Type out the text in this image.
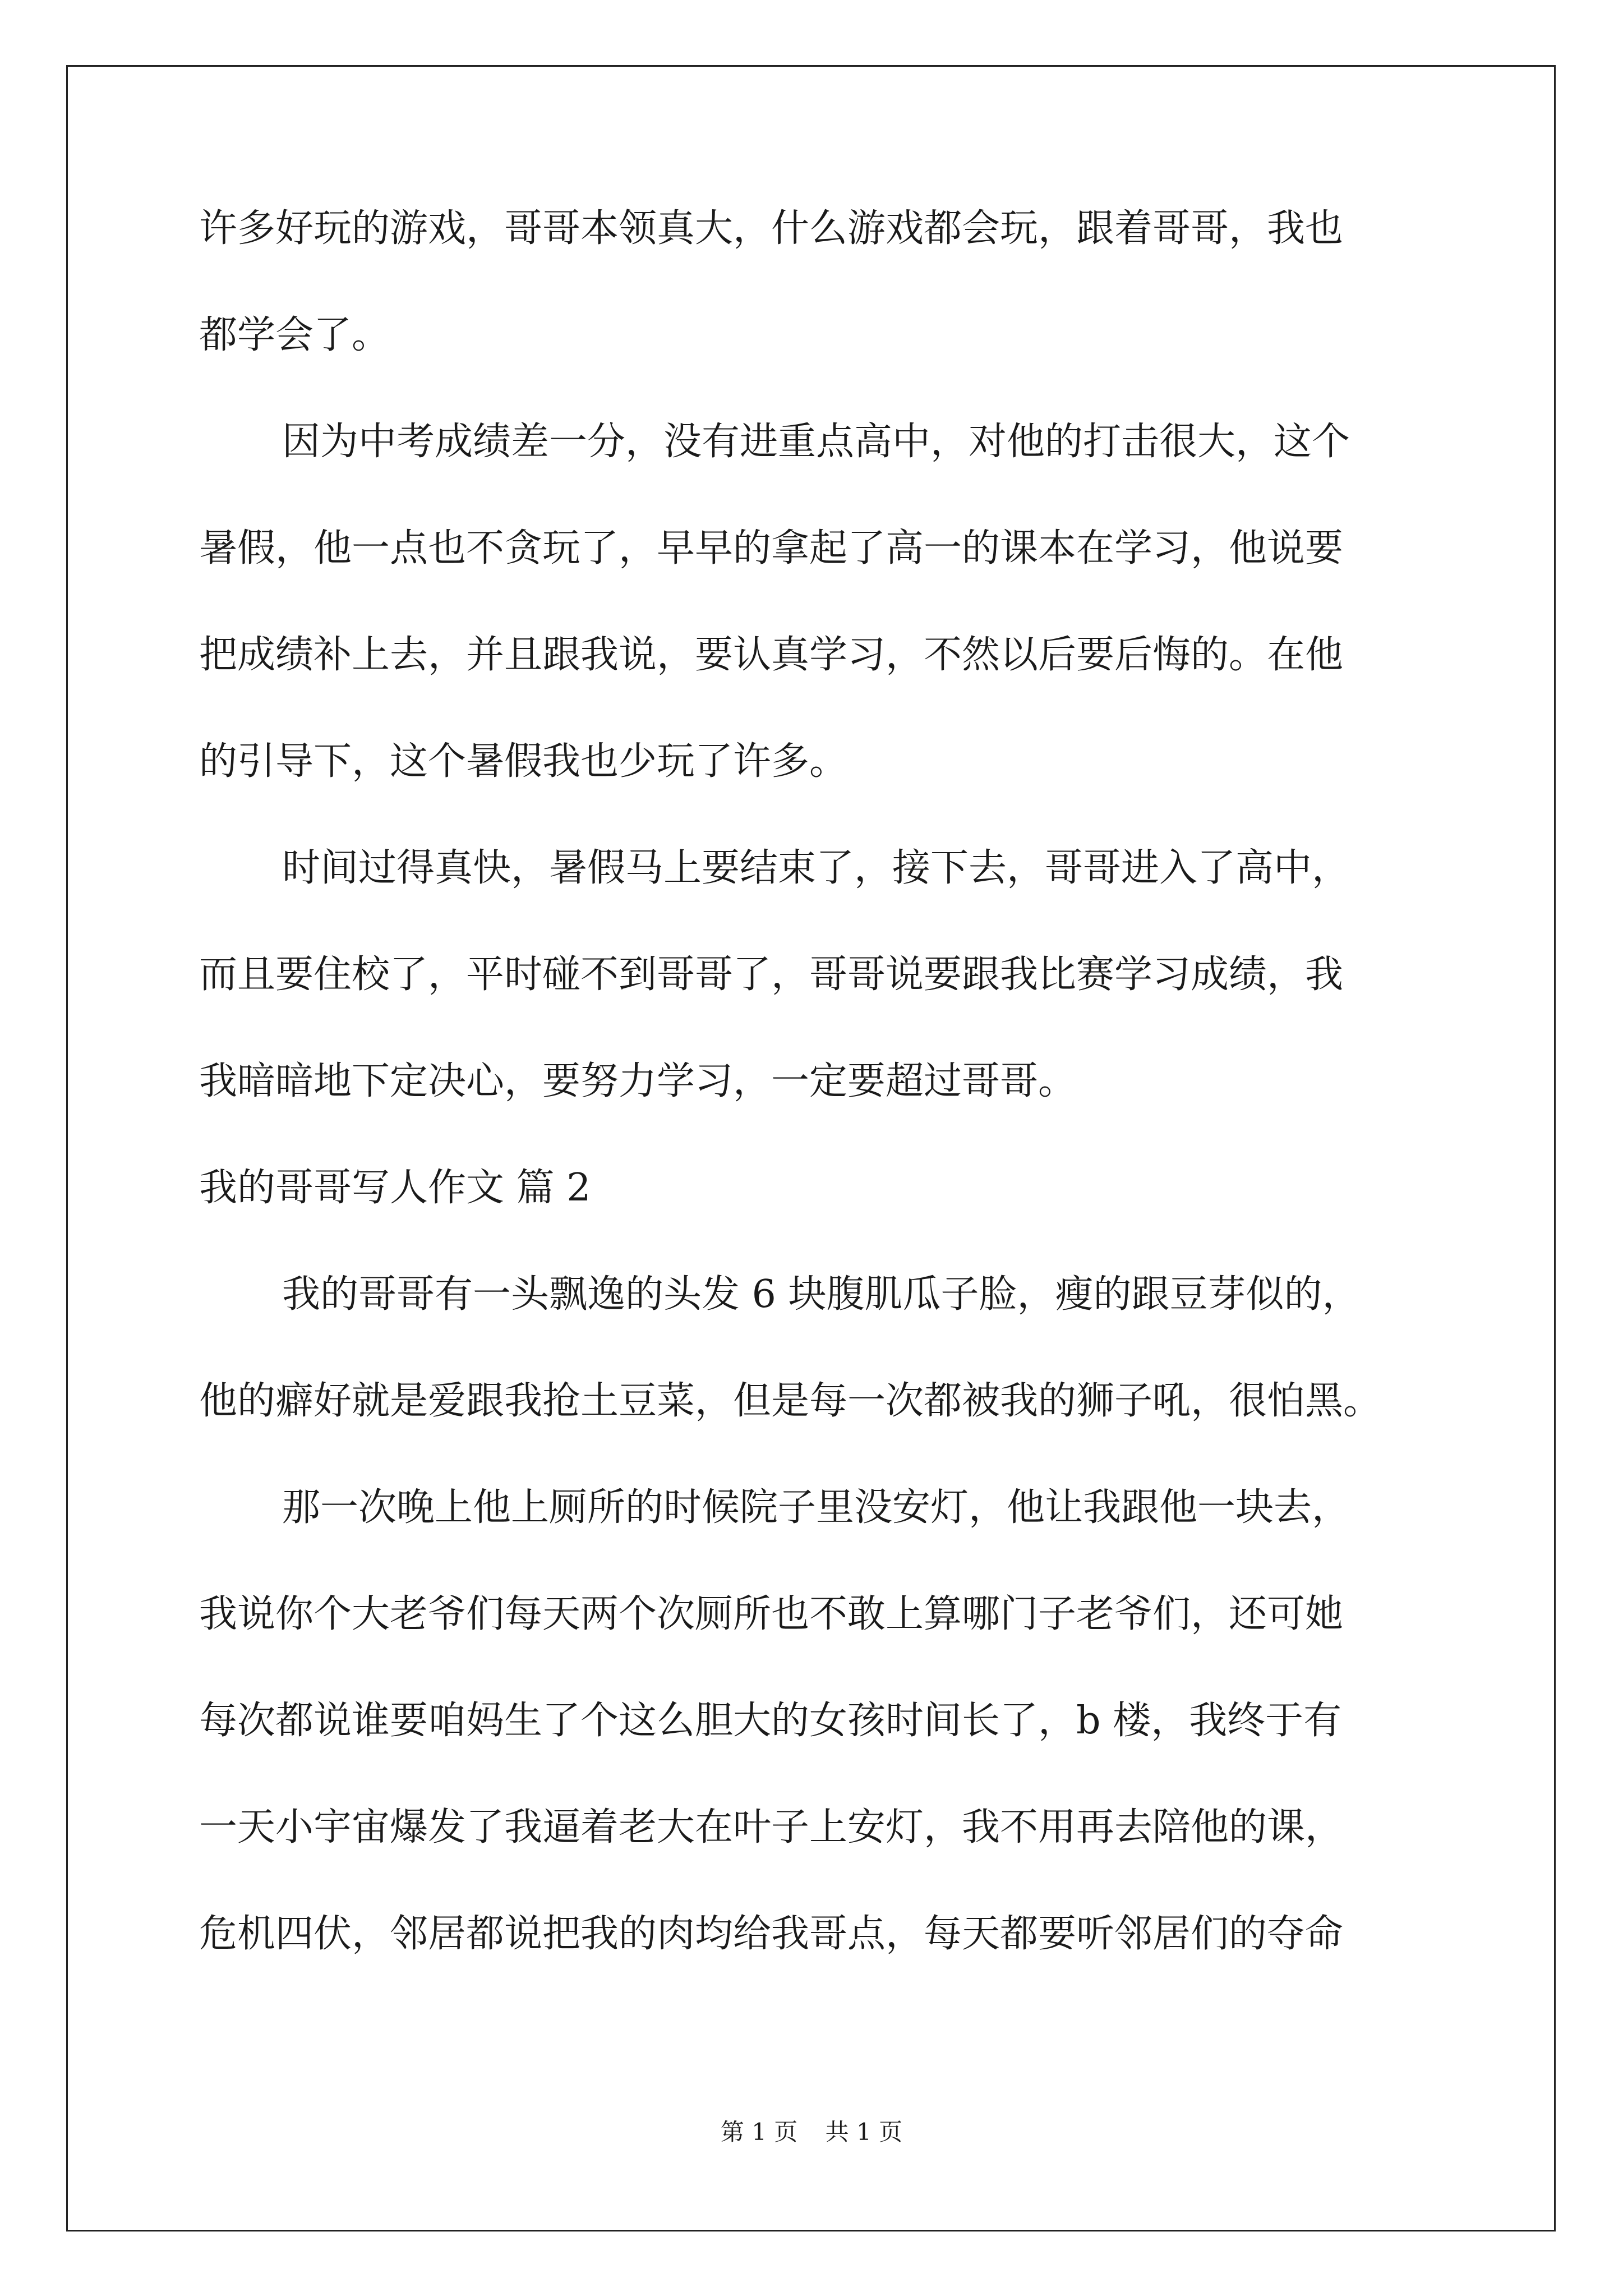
许多好玩的游戏，哥哥本领真大，什么游戏都会玩，跟着哥哥，我也
都学会了。
因为中考成绩差一分，没有进重点高中，对他的打击很大，这个
暑假，他一点也不贪玩了，早早的拿起了高一的课本在学习，他说要
把成绩补上去，并且跟我说，要认真学习，不然以后要后悔的。在他
的引导下，这个暑假我也少玩了许多。
时间过得真快，暑假马上要结束了，接下去，哥哥进入了高中，
而且要住校了，平时碰不到哥哥了，哥哥说要跟我比赛学习成绩，我
我暗暗地下定决心，要努力学习，一定要超过哥哥。
我的哥哥写人作文 篇 2
我的哥哥有一头飘逸的头发 6 块腹肌瓜子脸，瘦的跟豆芽似的，
他的癖好就是爱跟我抢土豆菜，但是每一次都被我的狮子吼，很怕黑。
那一次晚上他上厕所的时候院子里没安灯，他让我跟他一块去，
我说你个大老爷们每天两个次厕所也不敢上算哪门子老爷们，还可她
每次都说谁要咱妈生了个这么胆大的女孩时间长了，b 楼，我终于有
一天小宇宙爆发了我逼着老大在叶子上安灯，我不用再去陪他的课，
危机四伏，邻居都说把我的肉均给我哥点，每天都要听邻居们的夺命
第 1 页 共 1 页
